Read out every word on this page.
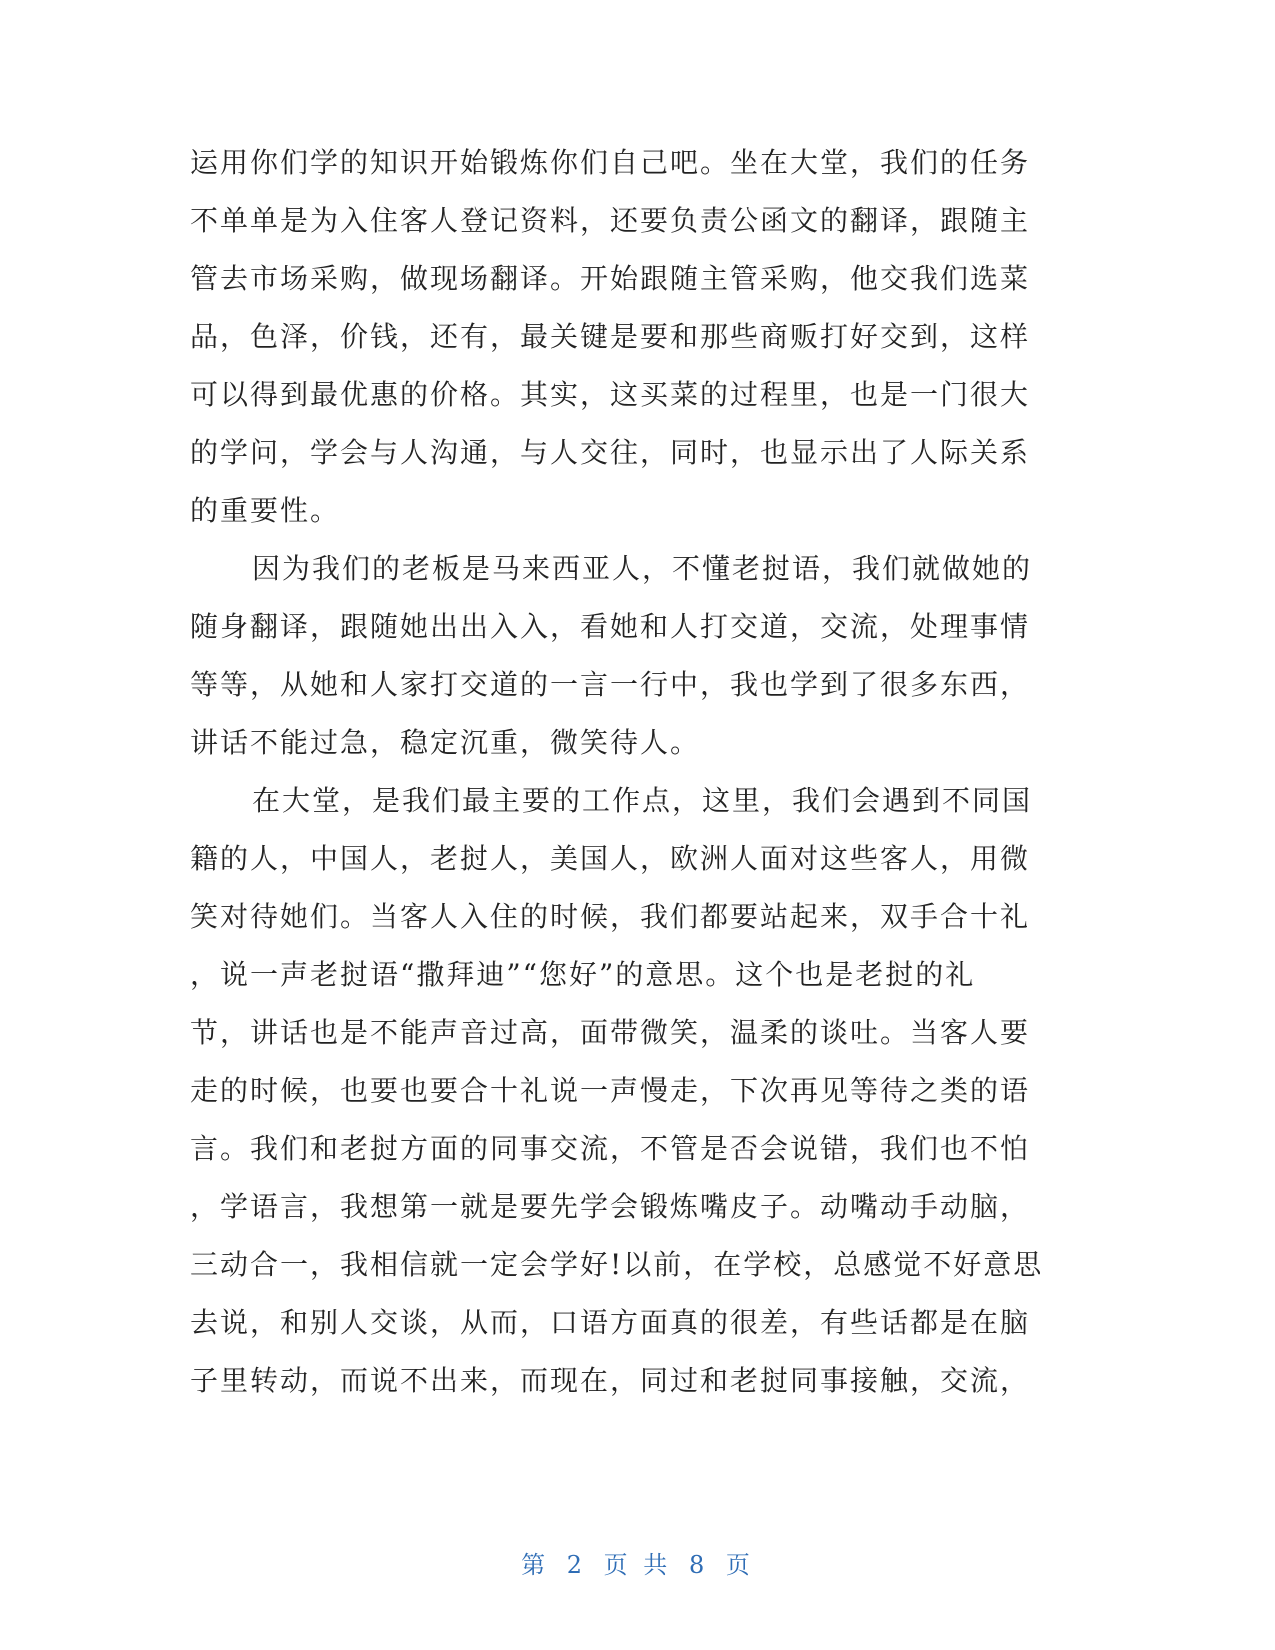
运用你们学的知识开始锻炼你们自己吧。坐在大堂，我们的任务
不单单是为入住客人登记资料，还要负责公函文的翻译，跟随主
管去市场采购，做现场翻译。开始跟随主管采购，他交我们选菜
品，色泽，价钱，还有，最关键是要和那些商贩打好交到，这样
可以得到最优惠的价格。其实，这买菜的过程里，也是一门很大
的学问，学会与人沟通，与人交往，同时，也显示出了人际关系
的重要性。
因为我们的老板是马来西亚人，不懂老挝语，我们就做她的
随身翻译，跟随她出出入入，看她和人打交道，交流，处理事情
等等，从她和人家打交道的一言一行中，我也学到了很多东西，
讲话不能过急，稳定沉重，微笑待人。
在大堂，是我们最主要的工作点，这里，我们会遇到不同国
籍的人，中国人，老挝人，美国人，欧洲人面对这些客人，用微
笑对待她们。当客人入住的时候，我们都要站起来，双手合十礼
，说一声老挝语“撒拜迪”“您好”的意思。这个也是老挝的礼
节，讲话也是不能声音过高，面带微笑，温柔的谈吐。当客人要
走的时候，也要也要合十礼说一声慢走，下次再见等待之类的语
言。我们和老挝方面的同事交流，不管是否会说错，我们也不怕
，学语言，我想第一就是要先学会锻炼嘴皮子。动嘴动手动脑，
三动合一，我相信就一定会学好!以前，在学校，总感觉不好意思
去说，和别人交谈，从而，口语方面真的很差，有些话都是在脑
子里转动，而说不出来，而现在，同过和老挝同事接触，交流，
第 2 页 共 8 页
